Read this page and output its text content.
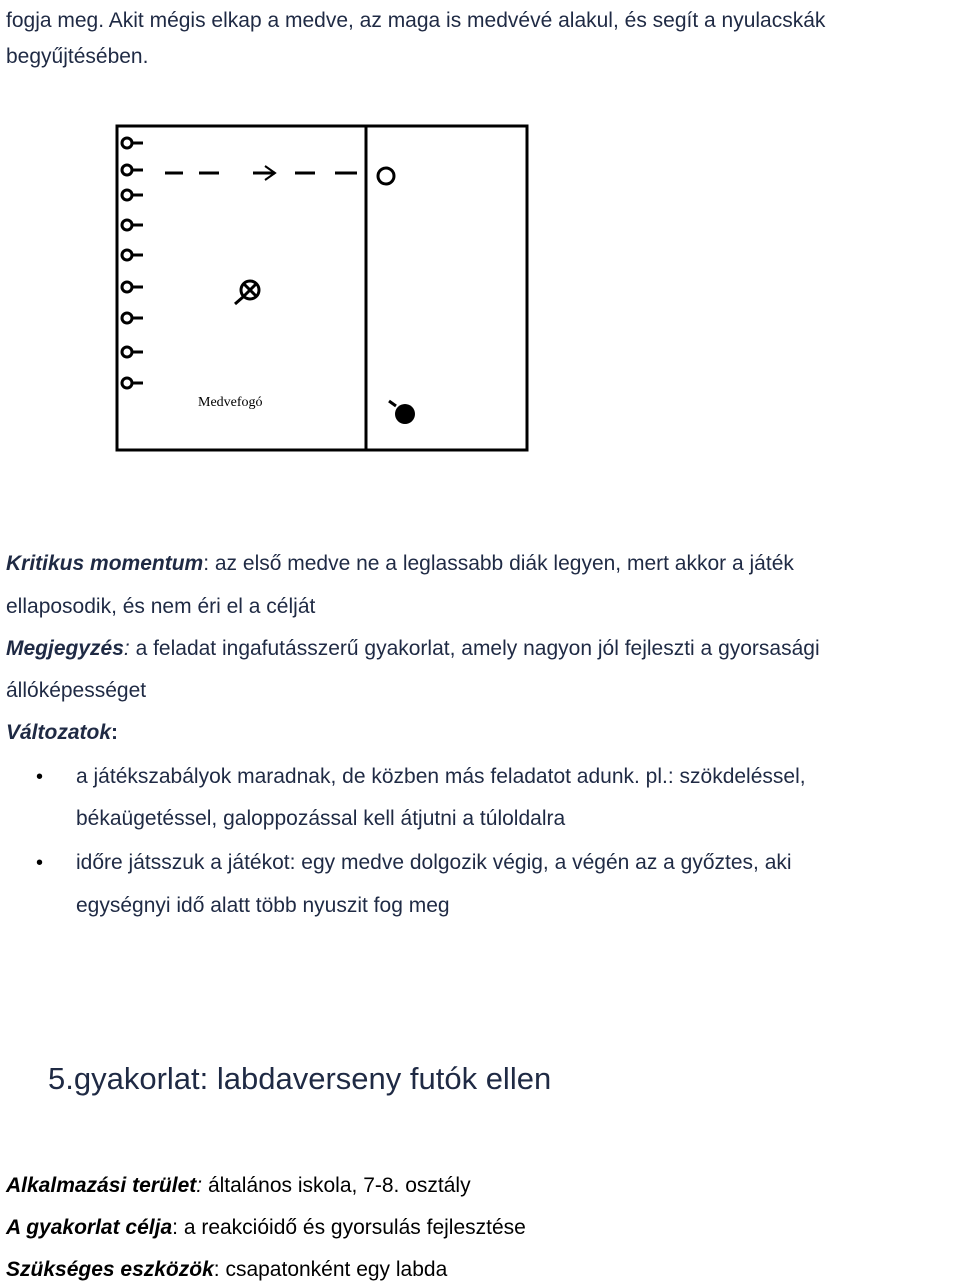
fogja meg. Akit mégis elkap a medve, az maga is medvévé alakul, és segít a nyulacskák
begyűjtésében.
Medvefogó
Kritikus momentum: az első medve ne a leglassabb diák legyen, mert akkor a játék
ellaposodik, és nem éri el a célját
Megjegyzés: a feladat ingafutásszerű gyakorlat, amely nagyon jól fejleszti a gyorsasági
állóképességet
Változatok:
• a játékszabályok maradnak, de közben más feladatot adunk. pl.: szökdeléssel,
békaügetéssel, galoppozással kell átjutni a túloldalra
• időre játsszuk a játékot: egy medve dolgozik végig, a végén az a győztes, aki
egységnyi idő alatt több nyuszit fog meg
5.gyakorlat: labdaverseny futók ellen
Alkalmazási terület: általános iskola, 7-8. osztály
A gyakorlat célja: a reakcióidő és gyorsulás fejlesztése
Szükséges eszközök: csapatonként egy labda
